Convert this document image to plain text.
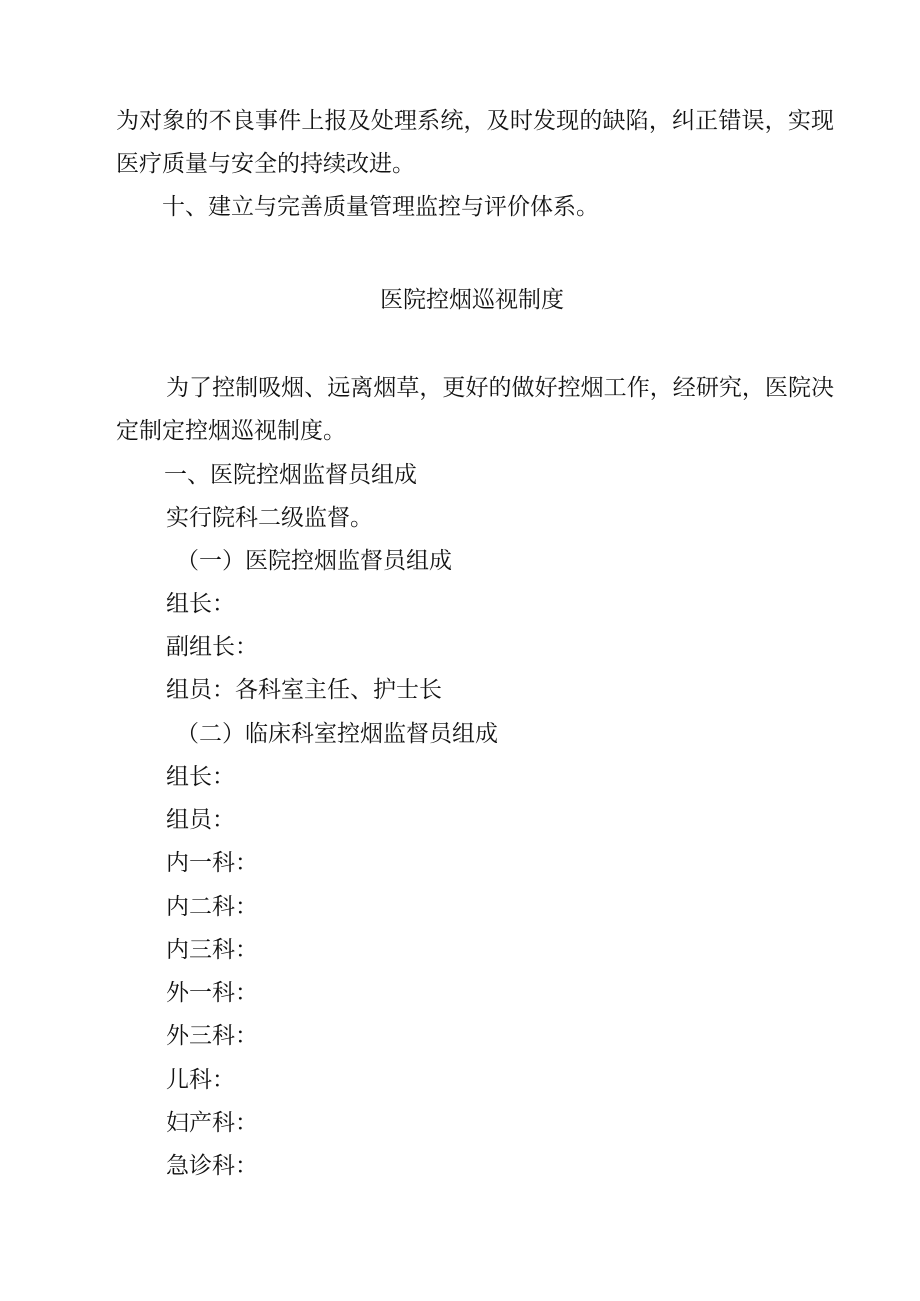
为对象的不良事件上报及处理系统，及时发现的缺陷，纠正错误，实现
医疗质量与安全的持续改进。
十、建立与完善质量管理监控与评价体系。
医院控烟巡视制度
为了控制吸烟、远离烟草，更好的做好控烟工作，经研究，医院决
定制定控烟巡视制度。
一、医院控烟监督员组成
实行院科二级监督。
（一）医院控烟监督员组成
组长：
副组长：
组员：各科室主任、护士长
（二）临床科室控烟监督员组成
组长：
组员：
内一科：
内二科：
内三科：
外一科：
外三科：
儿科：
妇产科：
急诊科：
